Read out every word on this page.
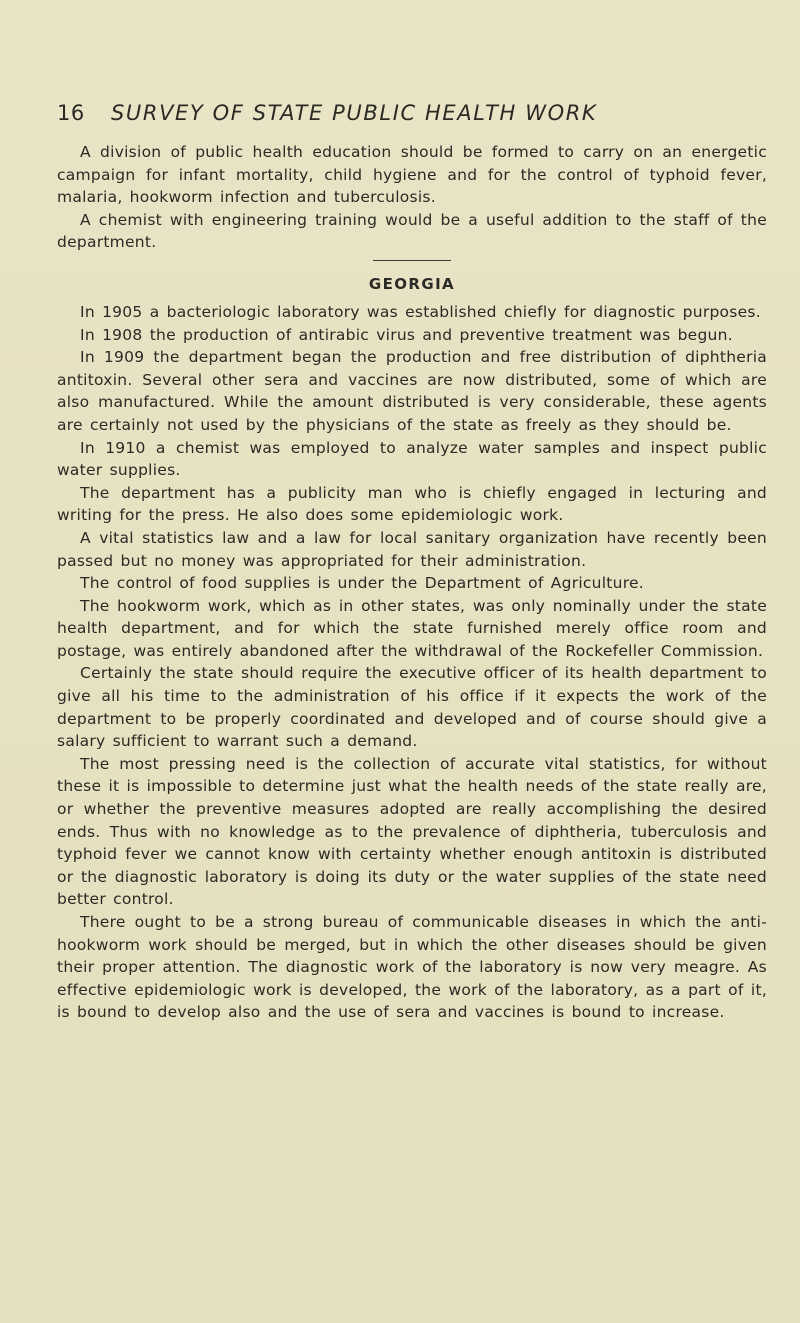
16 SURVEY OF STATE PUBLIC HEALTH WORK

A division of public health education should be formed to carry on an energetic campaign for infant mortality, child hygiene and for the control of typhoid fever, malaria, hookworm infection and tuberculosis.

A chemist with engineering training would be a useful addition to the staff of the department.

GEORGIA

In 1905 a bacteriologic laboratory was established chiefly for diagnostic purposes.

In 1908 the production of antirabic virus and preventive treatment was begun.

In 1909 the department began the production and free distribution of diphtheria antitoxin. Several other sera and vaccines are now distributed, some of which are also manufactured. While the amount distributed is very considerable, these agents are certainly not used by the physicians of the state as freely as they should be.

In 1910 a chemist was employed to analyze water samples and inspect public water supplies.

The department has a publicity man who is chiefly engaged in lecturing and writing for the press. He also does some epidemiologic work.

A vital statistics law and a law for local sanitary organization have recently been passed but no money was appropriated for their administration.

The control of food supplies is under the Department of Agriculture.

The hookworm work, which as in other states, was only nominally under the state health department, and for which the state furnished merely office room and postage, was entirely abandoned after the withdrawal of the Rockefeller Commission.

Certainly the state should require the executive officer of its health department to give all his time to the administration of his office if it expects the work of the department to be properly coordinated and developed and of course should give a salary sufficient to warrant such a demand.

The most pressing need is the collection of accurate vital statistics, for without these it is impossible to determine just what the health needs of the state really are, or whether the preventive measures adopted are really accomplishing the desired ends. Thus with no knowledge as to the prevalence of diphtheria, tuberculosis and typhoid fever we cannot know with certainty whether enough antitoxin is distributed or the diagnostic laboratory is doing its duty or the water supplies of the state need better control.

There ought to be a strong bureau of communicable diseases in which the anti-hookworm work should be merged, but in which the other diseases should be given their proper attention. The diagnostic work of the laboratory is now very meagre. As effective epidemiologic work is developed, the work of the laboratory, as a part of it, is bound to develop also and the use of sera and vaccines is bound to increase.
